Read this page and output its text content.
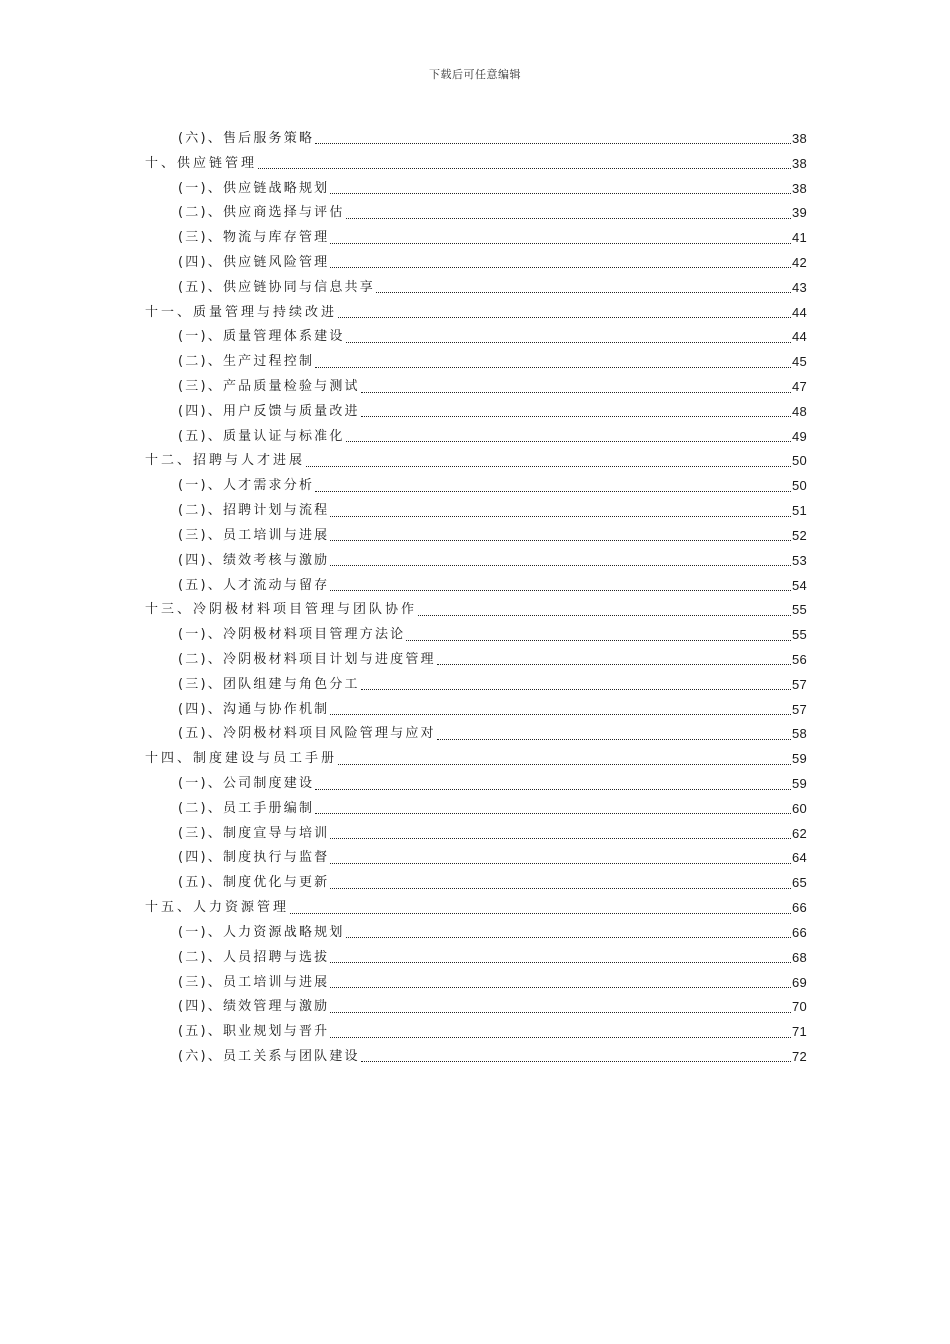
下载后可任意编辑
(六)、售后服务策略	38
十、供应链管理	38
(一)、供应链战略规划	38
(二)、供应商选择与评估	39
(三)、物流与库存管理	41
(四)、供应链风险管理	42
(五)、供应链协同与信息共享	43
十一、质量管理与持续改进	44
(一)、质量管理体系建设	44
(二)、生产过程控制	45
(三)、产品质量检验与测试	47
(四)、用户反馈与质量改进	48
(五)、质量认证与标准化	49
十二、招聘与人才进展	50
(一)、人才需求分析	50
(二)、招聘计划与流程	51
(三)、员工培训与进展	52
(四)、绩效考核与激励	53
(五)、人才流动与留存	54
十三、冷阴极材料项目管理与团队协作	55
(一)、冷阴极材料项目管理方法论	55
(二)、冷阴极材料项目计划与进度管理	56
(三)、团队组建与角色分工	57
(四)、沟通与协作机制	57
(五)、冷阴极材料项目风险管理与应对	58
十四、制度建设与员工手册	59
(一)、公司制度建设	59
(二)、员工手册编制	60
(三)、制度宣导与培训	62
(四)、制度执行与监督	64
(五)、制度优化与更新	65
十五、人力资源管理	66
(一)、人力资源战略规划	66
(二)、人员招聘与选拔	68
(三)、员工培训与进展	69
(四)、绩效管理与激励	70
(五)、职业规划与晋升	71
(六)、员工关系与团队建设	72
